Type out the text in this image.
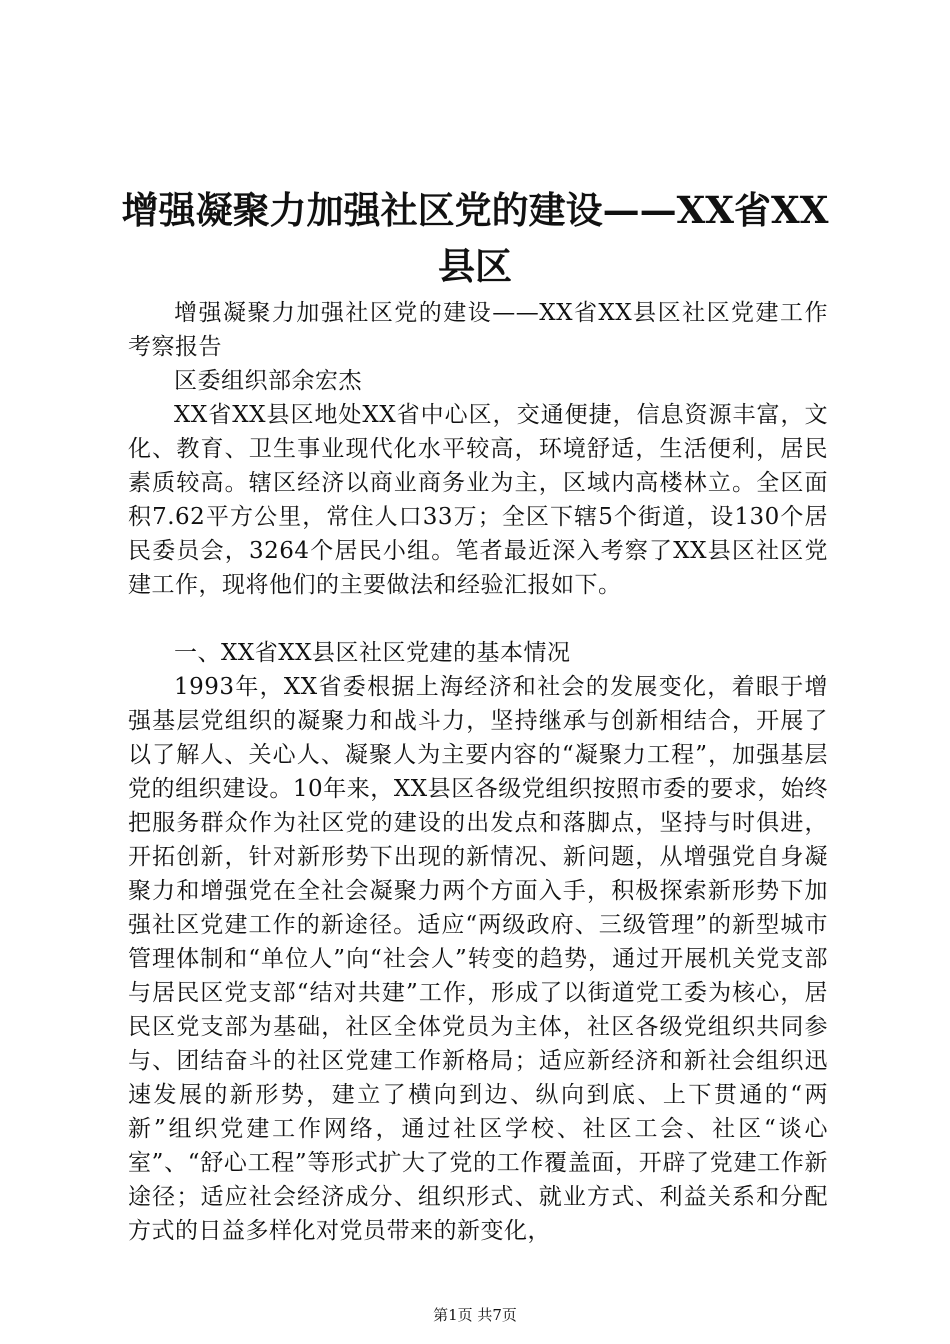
增强凝聚力加强社区党的建设——XX省XX县区

增强凝聚力加强社区党的建设——XX省XX县区社区党建工作考察报告

区委组织部余宏杰

XX省XX县区地处XX省中心区，交通便捷，信息资源丰富，文化、教育、卫生事业现代化水平较高，环境舒适，生活便利，居民素质较高。辖区经济以商业商务业为主，区域内高楼林立。全区面积7.62平方公里，常住人口33万；全区下辖5个街道，设130个居民委员会，3264个居民小组。笔者最近深入考察了XX县区社区党建工作，现将他们的主要做法和经验汇报如下。

一、XX省XX县区社区党建的基本情况

1993年，XX省委根据上海经济和社会的发展变化，着眼于增强基层党组织的凝聚力和战斗力，坚持继承与创新相结合，开展了以了解人、关心人、凝聚人为主要内容的“凝聚力工程”，加强基层党的组织建设。10年来，XX县区各级党组织按照市委的要求，始终把服务群众作为社区党的建设的出发点和落脚点，坚持与时俱进，开拓创新，针对新形势下出现的新情况、新问题，从增强党自身凝聚力和增强党在全社会凝聚力两个方面入手，积极探索新形势下加强社区党建工作的新途径。适应“两级政府、三级管理”的新型城市管理体制和“单位人”向“社会人”转变的趋势，通过开展机关党支部与居民区党支部“结对共建”工作，形成了以街道党工委为核心，居民区党支部为基础，社区全体党员为主体，社区各级党组织共同参与、团结奋斗的社区党建工作新格局；适应新经济和新社会组织迅速发展的新形势，建立了横向到边、纵向到底、上下贯通的“两新”组织党建工作网络，通过社区学校、社区工会、社区“谈心室”、“舒心工程”等形式扩大了党的工作覆盖面，开辟了党建工作新途径；适应社会经济成分、组织形式、就业方式、利益关系和分配方式的日益多样化对党员带来的新变化，

第1页 共7页
